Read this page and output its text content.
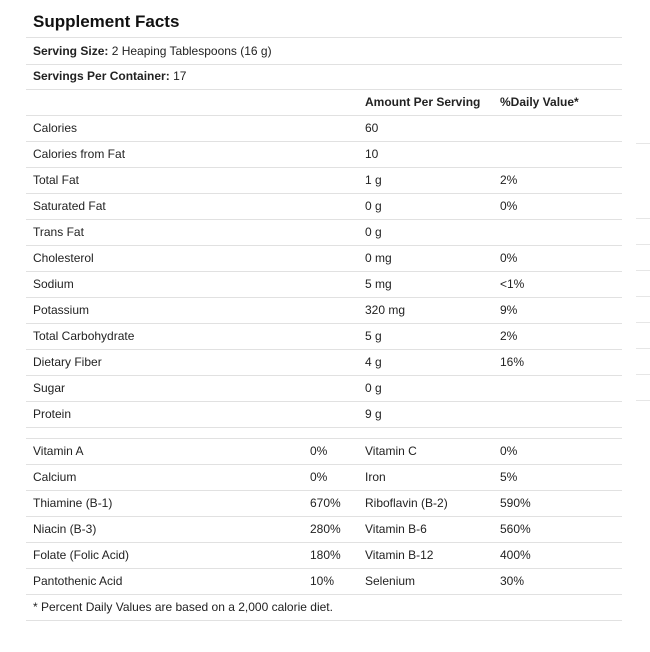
Supplement Facts
Serving Size: 2 Heaping Tablespoons (16 g)
Servings Per Container: 17
Amount Per Serving %Daily Value*
Calories	60
Calories from Fat	10
Total Fat	1 g	2%
Saturated Fat	0 g	0%
Trans Fat	0 g
Cholesterol	0 mg	0%
Sodium	5 mg	<1%
Potassium	320 mg	9%
Total Carbohydrate	5 g	2%
Dietary Fiber	4 g	16%
Sugar	0 g
Protein	9 g
Vitamin A	0%	Vitamin C	0%
Calcium	0%	Iron	5%
Thiamine (B-1)	670% Riboflavin (B-2)	590%
Niacin (B-3)	280% Vitamin B-6	560%
Folate (Folic Acid)	180% Vitamin B-12	400%
Pantothenic Acid	10%	Selenium	30%
* Percent Daily Values are based on a 2,000 calorie diet.
